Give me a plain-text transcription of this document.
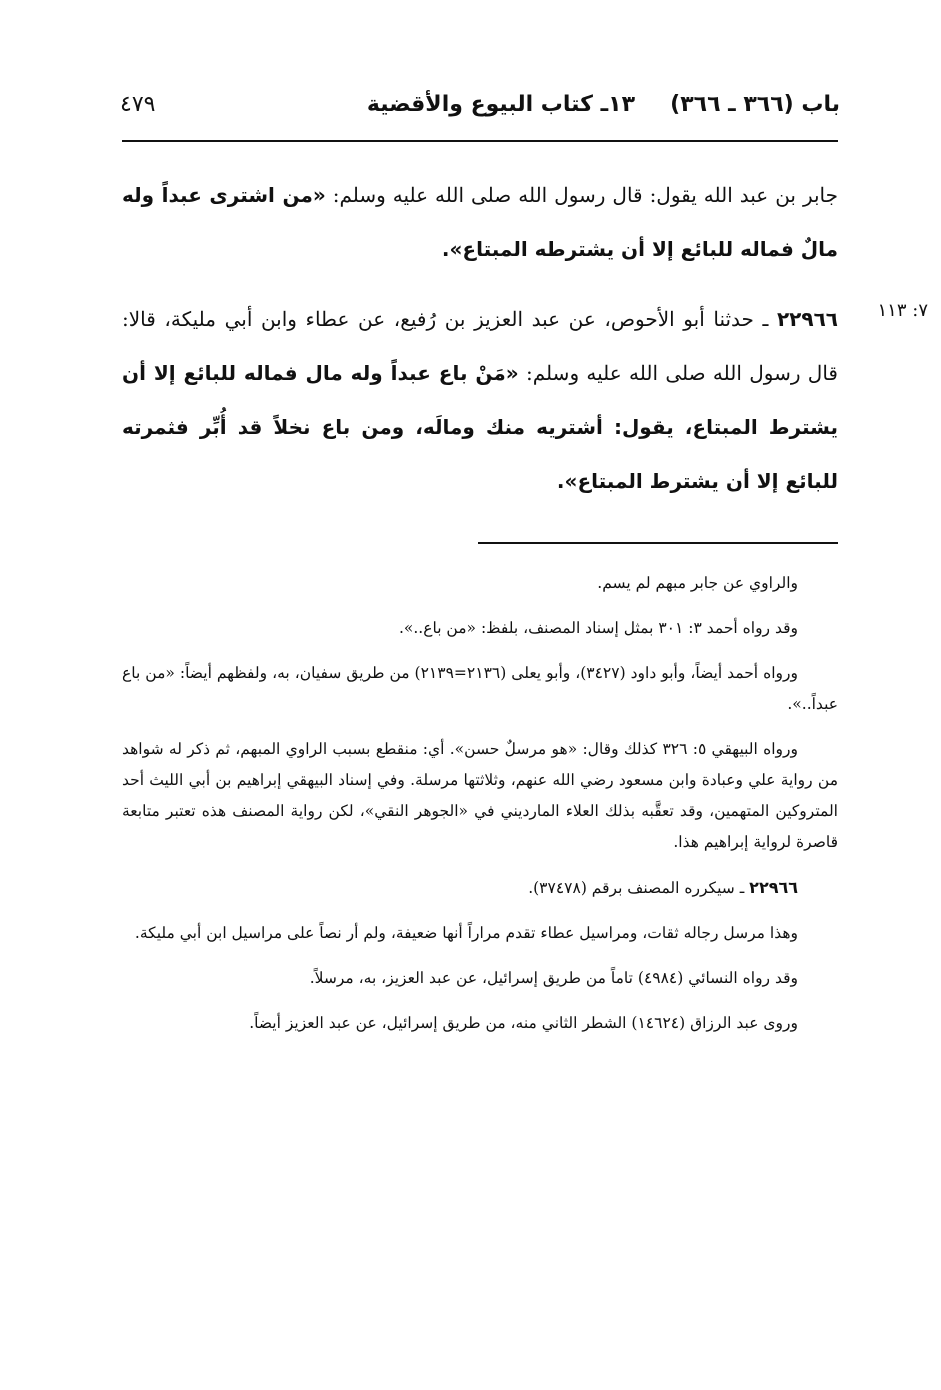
باب (٣٦٦ ـ ٣٦٦)
١٣ـ كتاب البيوع والأقضية
٤٧٩
جابر بن عبد الله يقول: قال رسول الله صلى الله عليه وسلم: «من اشترى عبداً وله مالٌ فماله للبائع إلا أن يشترطه المبتاع».
٧: ١١٣
٢٢٩٦٦ ـ حدثنا أبو الأحوص، عن عبد العزيز بن رُفيع، عن عطاء وابن أبي مليكة، قالا: قال رسول الله صلى الله عليه وسلم: «مَنْ باع عبداً وله مال فماله للبائع إلا أن يشترط المبتاع، يقول: أشتريه منك ومالَه، ومن باع نخلاً قد أُبِّر فثمرته للبائع إلا أن يشترط المبتاع».

والراوي عن جابر مبهم لم يسم.

وقد رواه أحمد ٣: ٣٠١ بمثل إسناد المصنف، بلفظ: «من باع..».

ورواه أحمد أيضاً، وأبو داود (٣٤٢٧)، وأبو يعلى (٢١٣٦=٢١٣٩) من طريق سفيان، به، ولفظهم أيضاً: «من باع عبداً..».

ورواه البيهقي ٥: ٣٢٦ كذلك وقال: «هو مرسلٌ حسن». أي: منقطع بسبب الراوي المبهم، ثم ذكر له شواهد من رواية علي وعبادة وابن مسعود رضي الله عنهم، وثلاثتها مرسلة. وفي إسناد البيهقي إبراهيم بن أبي الليث أحد المتروكين المتهمين، وقد تعقَّبه بذلك العلاء المارديني في «الجوهر النقي»، لكن رواية المصنف هذه تعتبر متابعة قاصرة لرواية إبراهيم هذا.

٢٢٩٦٦ ـ سيكرره المصنف برقم (٣٧٤٧٨).

وهذا مرسل رجاله ثقات، ومراسيل عطاء تقدم مراراً أنها ضعيفة، ولم أر نصاً على مراسيل ابن أبي مليكة.

وقد رواه النسائي (٤٩٨٤) تاماً من طريق إسرائيل، عن عبد العزيز، به، مرسلاً.

وروى عبد الرزاق (١٤٦٢٤) الشطر الثاني منه، من طريق إسرائيل، عن عبد العزيز أيضاً.
